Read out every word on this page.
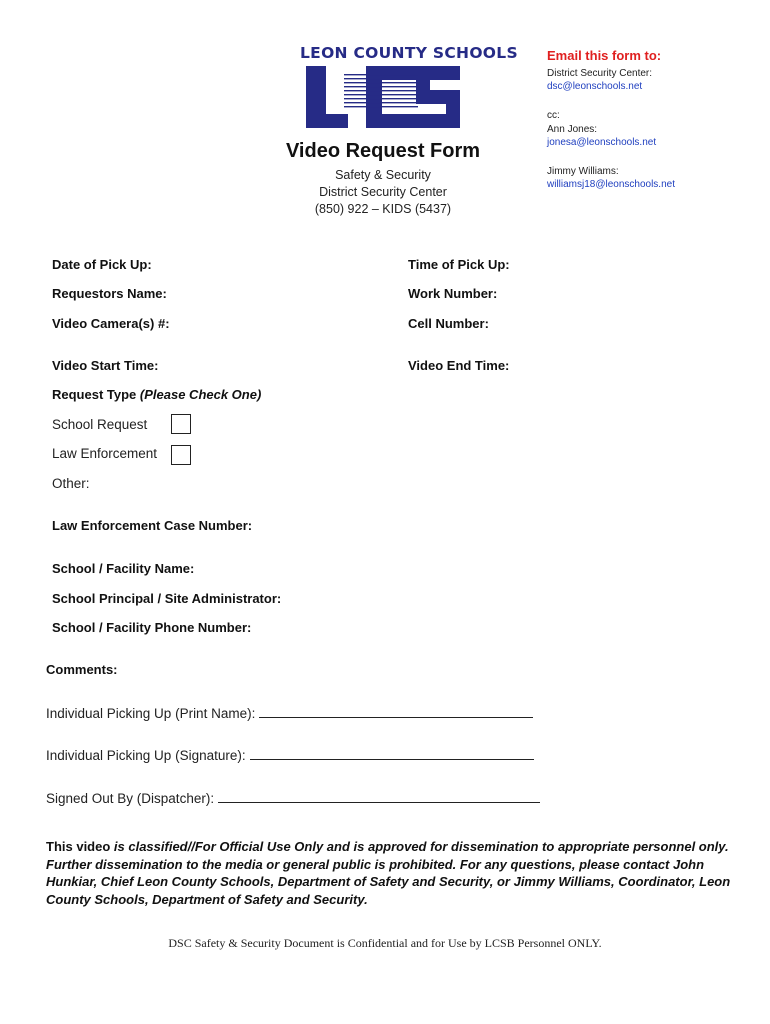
LEON COUNTY SCHOOLS
Video Request Form
Safety & Security
District Security Center
(850) 922 – KIDS (5437)
Email this form to:
District Security Center:
dsc@leonschools.net
cc:
Ann Jones:
jonesa@leonschools.net
Jimmy Williams:
williamsj18@leonschools.net
Date of Pick Up:	Time of Pick Up:
Requestors Name:	Work Number:
Video Camera(s) #:	Cell Number:
Video Start Time:	Video End Time:
Request Type (Please Check One)
School Request
Law Enforcement
Other:
Law Enforcement Case Number:
School / Facility Name:
School Principal / Site Administrator:
School / Facility Phone Number:
Comments:
Individual Picking Up (Print Name):
Individual Picking Up (Signature):
Signed Out By (Dispatcher):
This video is classified//For Official Use Only and is approved for dissemination to appropriate personnel only. Further dissemination to the media or general public is prohibited. For any questions, please contact John Hunkiar, Chief Leon County Schools, Department of Safety and Security, or Jimmy Williams, Coordinator, Leon County Schools, Department of Safety and Security.
DSC Safety & Security Document is Confidential and for Use by LCSB Personnel ONLY.
